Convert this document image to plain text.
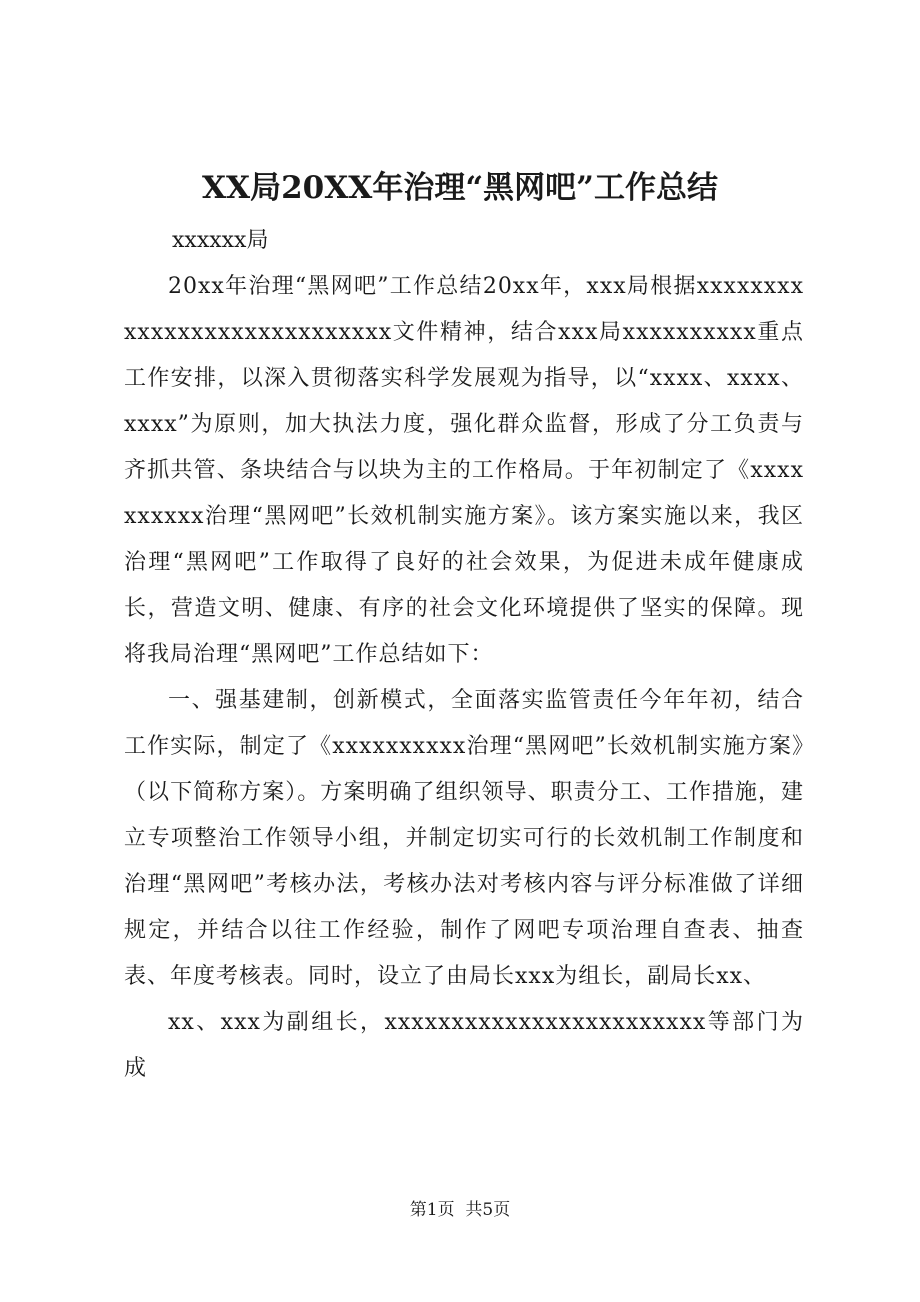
XX局20XX年治理“黑网吧”工作总结
xxxxxx局

20xx年治理“黑网吧”工作总结20xx年，xxx局根据xxxxxxxxxxxxxxxxxxxxxxxxxxxx文件精神，结合xxx局xxxxxxxxxx重点工作安排，以深入贯彻落实科学发展观为指导，以“xxxx、xxxx、xxxx”为原则，加大执法力度，强化群众监督，形成了分工负责与齐抓共管、条块结合与以块为主的工作格局。于年初制定了《xxxxxxxxxx治理“黑网吧”长效机制实施方案》。该方案实施以来，我区治理“黑网吧”工作取得了良好的社会效果，为促进未成年健康成长，营造文明、健康、有序的社会文化环境提供了坚实的保障。现将我局治理“黑网吧”工作总结如下：

一、强基建制，创新模式，全面落实监管责任今年年初，结合工作实际，制定了《xxxxxxxxxx治理“黑网吧”长效机制实施方案》（以下简称方案）。方案明确了组织领导、职责分工、工作措施，建立专项整治工作领导小组，并制定切实可行的长效机制工作制度和治理“黑网吧”考核办法，考核办法对考核内容与评分标准做了详细规定，并结合以往工作经验，制作了网吧专项治理自查表、抽查表、年度考核表。同时，设立了由局长xxx为组长，副局长xx、

xx、xxx为副组长，xxxxxxxxxxxxxxxxxxxxxxxx等部门为成

第1页  共5页
